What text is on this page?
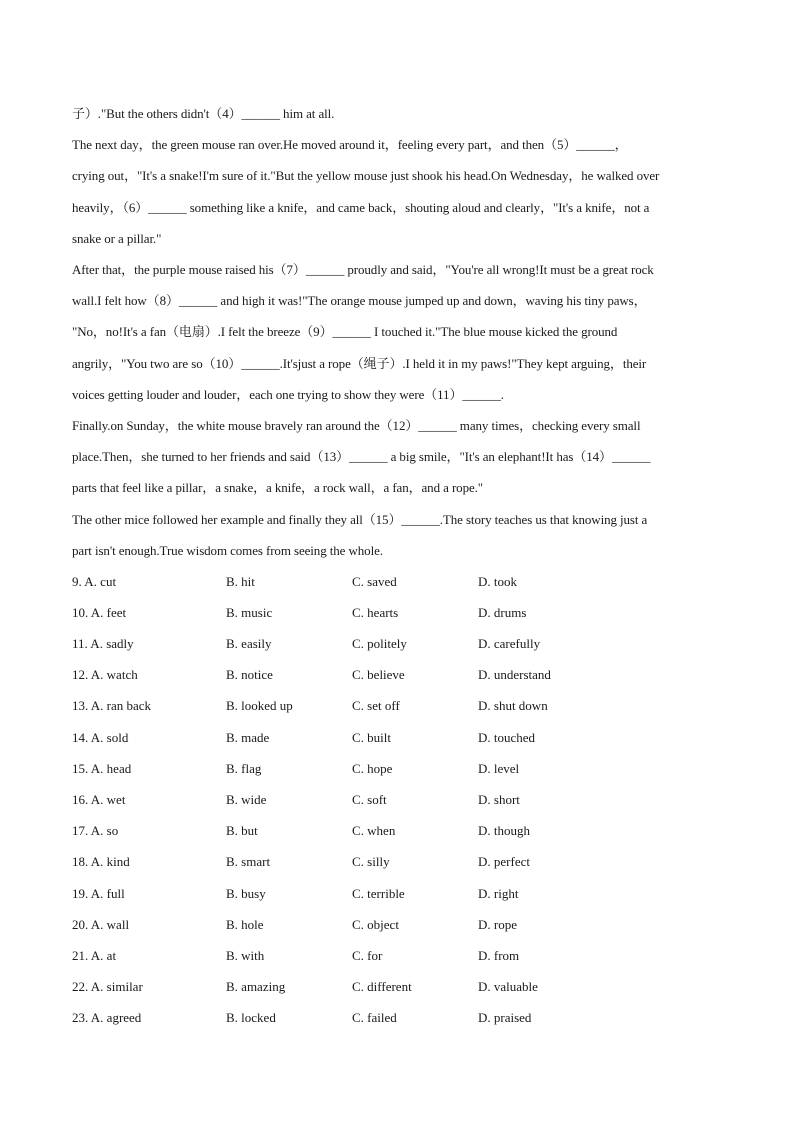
子）."But the others didn't（4）______ him at all.

The next day，the green mouse ran over.He moved around it，feeling every part，and then（5）______，

crying out，"It's a snake!I'm sure of it."But the yellow mouse just shook his head.On Wednesday，he walked over

heavily，（6）______ something like a knife，and came back，shouting aloud and clearly，"It's a knife，not a

snake or a pillar."

After that，the purple mouse raised his（7）______ proudly and said，"You're all wrong!It must be a great rock

wall.I felt how（8）______ and high it was!"The orange mouse jumped up and down，waving his tiny paws，

"No，no!It's a fan（电扇）.I felt the breeze（9）______ I touched it."The blue mouse kicked the ground

angrily，"You two are so（10）______.It'sjust a rope（绳子）.I held it in my paws!"They kept arguing，their

voices getting louder and louder，each one trying to show they were（11）______.

Finally.on Sunday，the white mouse bravely ran around the（12）______ many times，checking every small

place.Then，she turned to her friends and said（13）______ a big smile，"It's an elephant!It has（14）______

parts that feel like a pillar，a snake，a knife，a rock wall，a fan，and a rope."

The other mice followed her example and finally they all（15）______.The story teaches us that knowing just a

part isn't enough.True wisdom comes from seeing the whole.

9. A. cut	B. hit	C. saved	D. took
10. A. feet	B. music	C. hearts	D. drums
11. A. sadly	B. easily	C. politely	D. carefully
12. A. watch	B. notice	C. believe	D. understand
13. A. ran back	B. looked up	C. set off	D. shut down
14. A. sold	B. made	C. built	D. touched
15. A. head	B. flag	C. hope	D. level
16. A. wet	B. wide	C. soft	D. short
17. A. so	B. but	C. when	D. though
18. A. kind	B. smart	C. silly	D. perfect
19. A. full	B. busy	C. terrible	D. right
20. A. wall	B. hole	C. object	D. rope
21. A. at	B. with	C. for	D. from
22. A. similar	B. amazing	C. different	D. valuable
23. A. agreed	B. locked	C. failed	D. praised
